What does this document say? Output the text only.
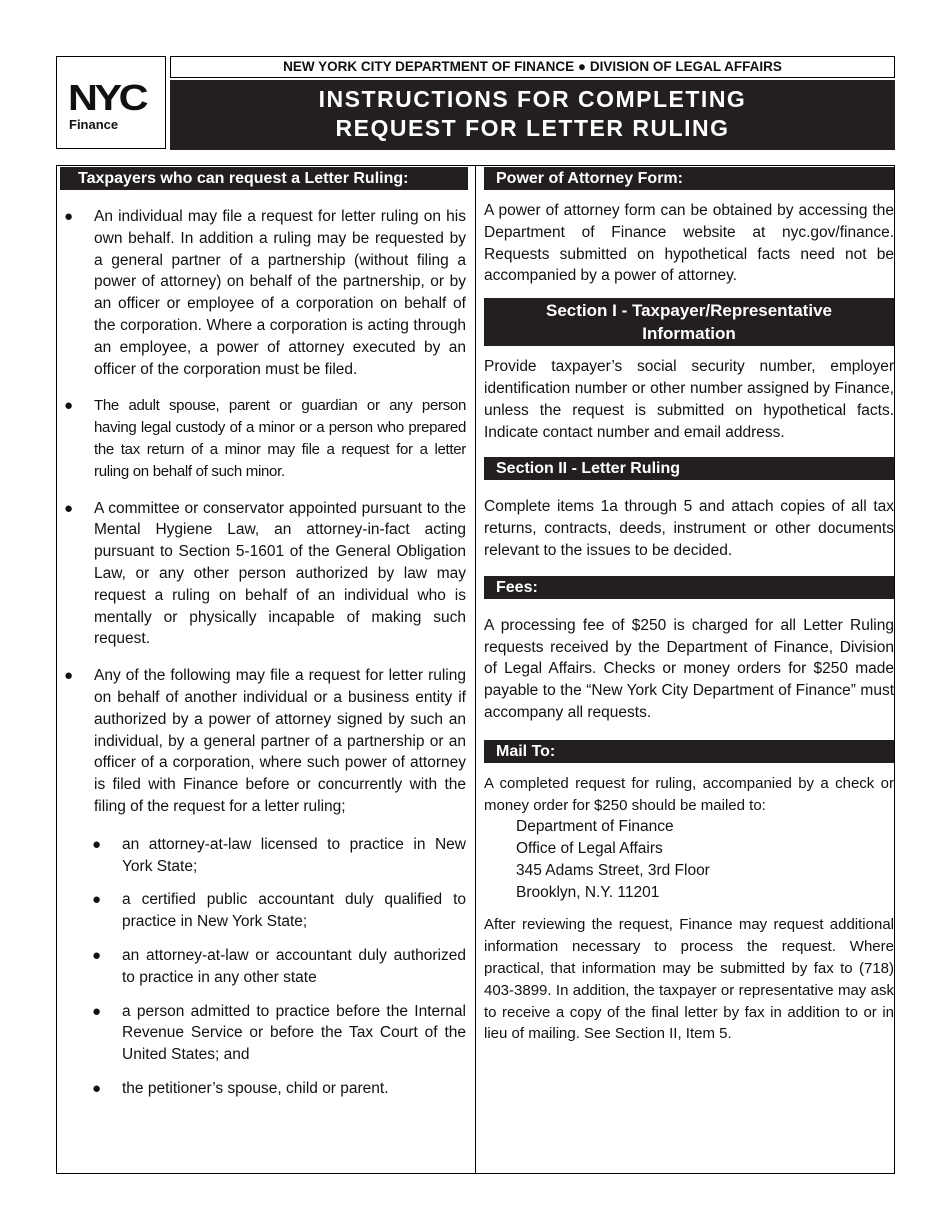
NYC
Finance
NEW YORK CITY DEPARTMENT OF FINANCE ● DIVISION OF LEGAL AFFAIRS
INSTRUCTIONS FOR COMPLETING
REQUEST FOR LETTER RULING
Taxpayers who can request a Letter Ruling:
● An individual may file a request for letter ruling on his own behalf. In addition a ruling may be requested by a general partner of a partnership (without filing a power of attorney) on behalf of the partnership, or by an officer or employee of a corporation on behalf of the corporation. Where a corporation is acting through an employee, a power of attorney executed by an officer of the corporation must be filed.
● The adult spouse, parent or guardian or any person having legal custody of a minor or a person who prepared the tax return of a minor may file a request for a letter ruling on behalf of such minor.
● A committee or conservator appointed pursuant to the Mental Hygiene Law, an attorney-in-fact acting pursuant to Section 5-1601 of the General Obligation Law, or any other person authorized by law may request a ruling on behalf of an individual who is mentally or physically incapable of making such request.
● Any of the following may file a request for letter ruling on behalf of another individual or a business entity if authorized by a power of attorney signed by such an individual, by a general partner of a partnership or an officer of a corporation, where such power of attorney is filed with Finance before or concurrently with the filing of the request for a letter ruling;
● an attorney-at-law licensed to practice in New York State;
● a certified public accountant duly qualified to practice in New York State;
● an attorney-at-law or accountant duly authorized to practice in any other state
● a person admitted to practice before the Internal Revenue Service or before the Tax Court of the United States; and
● the petitioner’s spouse, child or parent.
Power of Attorney Form:
A power of attorney form can be obtained by accessing the Department of Finance website at nyc.gov/finance. Requests submitted on hypothetical facts need not be accompanied by a power of attorney.
Section I - Taxpayer/Representative
Information
Provide taxpayer’s social security number, employer identification number or other number assigned by Finance, unless the request is submitted on hypothetical facts. Indicate contact number and email address.
Section II - Letter Ruling
Complete items 1a through 5 and attach copies of all tax returns, contracts, deeds, instrument or other documents relevant to the issues to be decided.
Fees:
A processing fee of $250 is charged for all Letter Ruling requests received by the Department of Finance, Division of Legal Affairs. Checks or money orders for $250 made payable to the “New York City Department of Finance” must accompany all requests.
Mail To:
A completed request for ruling, accompanied by a check or money order for $250 should be mailed to:
Department of Finance
Office of Legal Affairs
345 Adams Street, 3rd Floor
Brooklyn, N.Y. 11201
After reviewing the request, Finance may request additional information necessary to process the request. Where practical, that information may be submitted by fax to (718) 403-3899. In addition, the taxpayer or representative may ask to receive a copy of the final letter by fax in addition to or in lieu of mailing. See Section II, Item 5.
